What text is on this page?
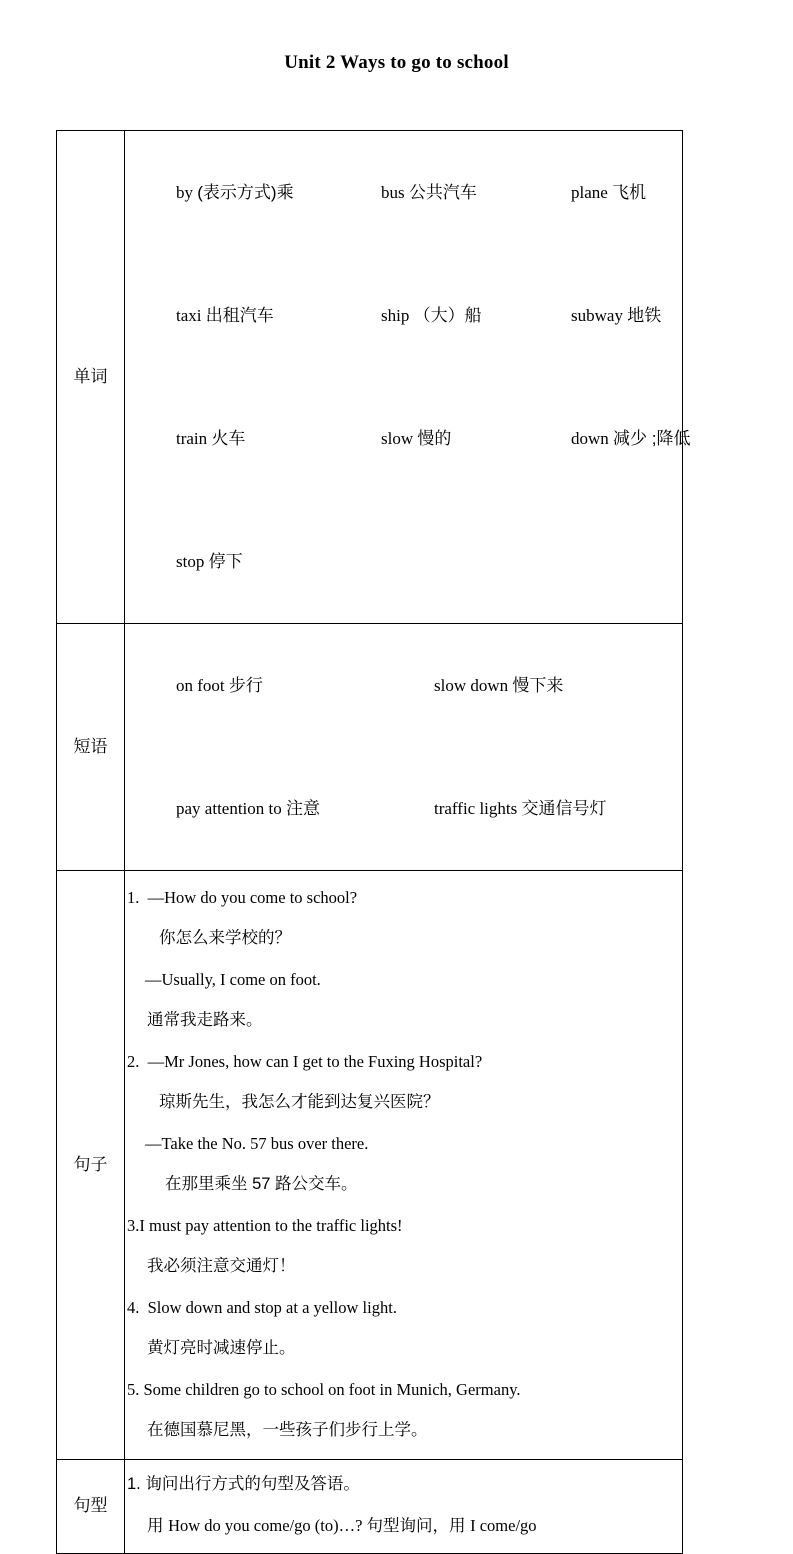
Unit 2 Ways to go to school
单词	by (表示方式)乘 bus 公共汽车 plane 飞机

taxi 出租汽车 ship （大）船 subway 地铁

train 火车 slow 慢的 down 减少 ;降低

stop 停下

短语	on foot 步行 slow down 慢下来

pay attention to 注意 traffic lights 交通信号灯

句子

1.  —How do you come to school?
你怎么来学校的？
—Usually, I come on foot.
通常我走路来。
2.  —Mr Jones, how can I get to the Fuxing Hospital?
琼斯先生，我怎么才能到达复兴医院？
—Take the No. 57 bus over there.
在那里乘坐 57 路公交车。
3.I must pay attention to the traffic lights!
我必须注意交通灯！
4.  Slow down and stop at a yellow light.
黄灯亮时减速停止。
5. Some children go to school on foot in Munich, Germany.
在德国慕尼黑，一些孩子们步行上学。

句型	1. 询问出行方式的句型及答语。
用 How do you come/go (to)…? 句型询问，用 I come/go
